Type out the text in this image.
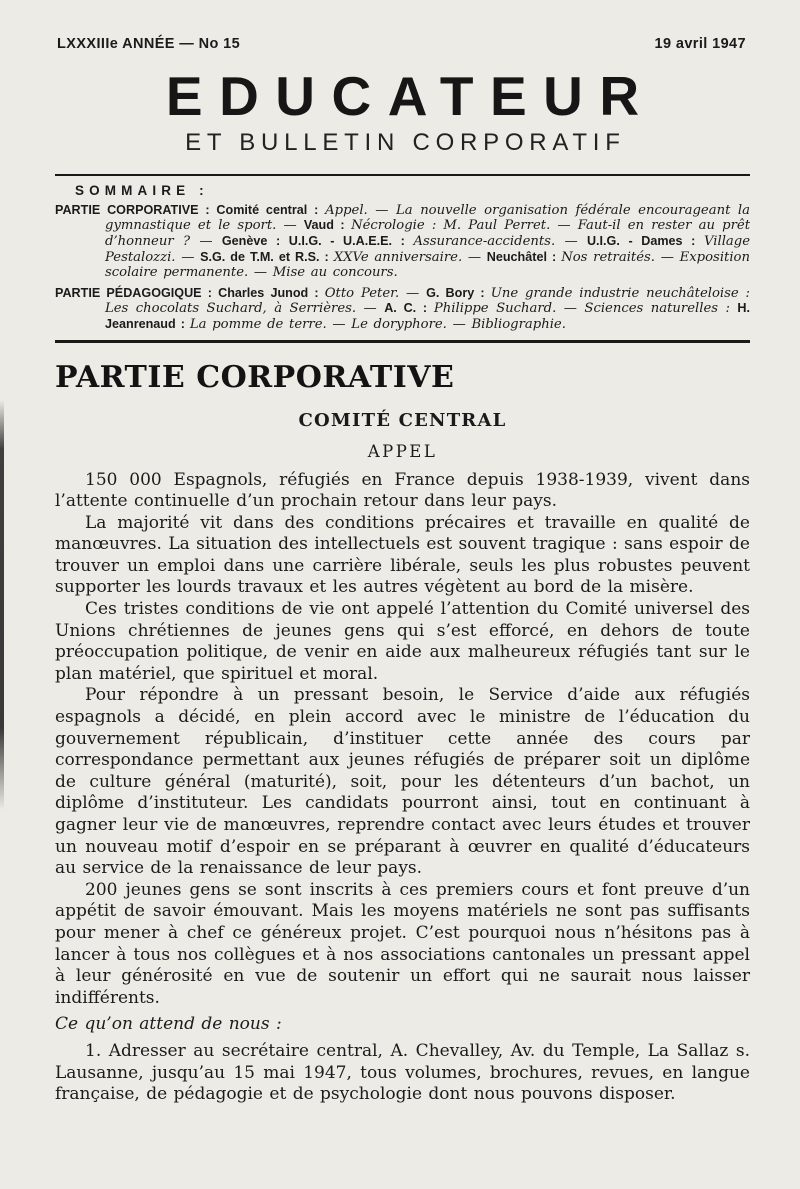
LXXXIIIe ANNÉE — No 15	19 avril 1947
EDUCATEUR
ET BULLETIN CORPORATIF
SOMMAIRE :

PARTIE CORPORATIVE : Comité central : Appel. — La nouvelle organisation fédérale encourageant la gymnastique et le sport. — Vaud : Nécrologie : M. Paul Perret. — Faut-il en rester au prêt d’honneur ? — Genève : U.I.G. - U.A.E.E. : Assurance-accidents. — U.I.G. - Dames : Village Pestalozzi. — S.G. de T.M. et R.S. : XXVe anniversaire. — Neuchâtel : Nos retraités. — Exposition scolaire permanente. — Mise au concours.

PARTIE PÉDAGOGIQUE : Charles Junod : Otto Peter. — G. Bory : Une grande industrie neuchâteloise : Les chocolats Suchard, à Serrières. — A. C. : Philippe Suchard. — Sciences naturelles : H. Jeanrenaud : La pomme de terre. — Le doryphore. — Bibliographie.

PARTIE CORPORATIVE
COMITÉ CENTRAL
APPEL

150 000 Espagnols, réfugiés en France depuis 1938-1939, vivent dans l’attente continuelle d’un prochain retour dans leur pays.

La majorité vit dans des conditions précaires et travaille en qualité de manœuvres. La situation des intellectuels est souvent tragique : sans espoir de trouver un emploi dans une carrière libérale, seuls les plus robustes peuvent supporter les lourds travaux et les autres végètent au bord de la misère.

Ces tristes conditions de vie ont appelé l’attention du Comité universel des Unions chrétiennes de jeunes gens qui s’est efforcé, en dehors de toute préoccupation politique, de venir en aide aux malheureux réfugiés tant sur le plan matériel, que spirituel et moral.

Pour répondre à un pressant besoin, le Service d’aide aux réfugiés espagnols a décidé, en plein accord avec le ministre de l’éducation du gouvernement républicain, d’instituer cette année des cours par correspondance permettant aux jeunes réfugiés de préparer soit un diplôme de culture général (maturité), soit, pour les détenteurs d’un bachot, un diplôme d’instituteur. Les candidats pourront ainsi, tout en continuant à gagner leur vie de manœuvres, reprendre contact avec leurs études et trouver un nouveau motif d’espoir en se préparant à œuvrer en qualité d’éducateurs au service de la renaissance de leur pays.

200 jeunes gens se sont inscrits à ces premiers cours et font preuve d’un appétit de savoir émouvant. Mais les moyens matériels ne sont pas suffisants pour mener à chef ce généreux projet. C’est pourquoi nous n’hésitons pas à lancer à tous nos collègues et à nos associations cantonales un pressant appel à leur générosité en vue de soutenir un effort qui ne saurait nous laisser indifférents.

Ce qu’on attend de nous :

1. Adresser au secrétaire central, A. Chevalley, Av. du Temple, La Sallaz s. Lausanne, jusqu’au 15 mai 1947, tous volumes, brochures, revues, en langue française, de pédagogie et de psychologie dont nous pouvons disposer.
